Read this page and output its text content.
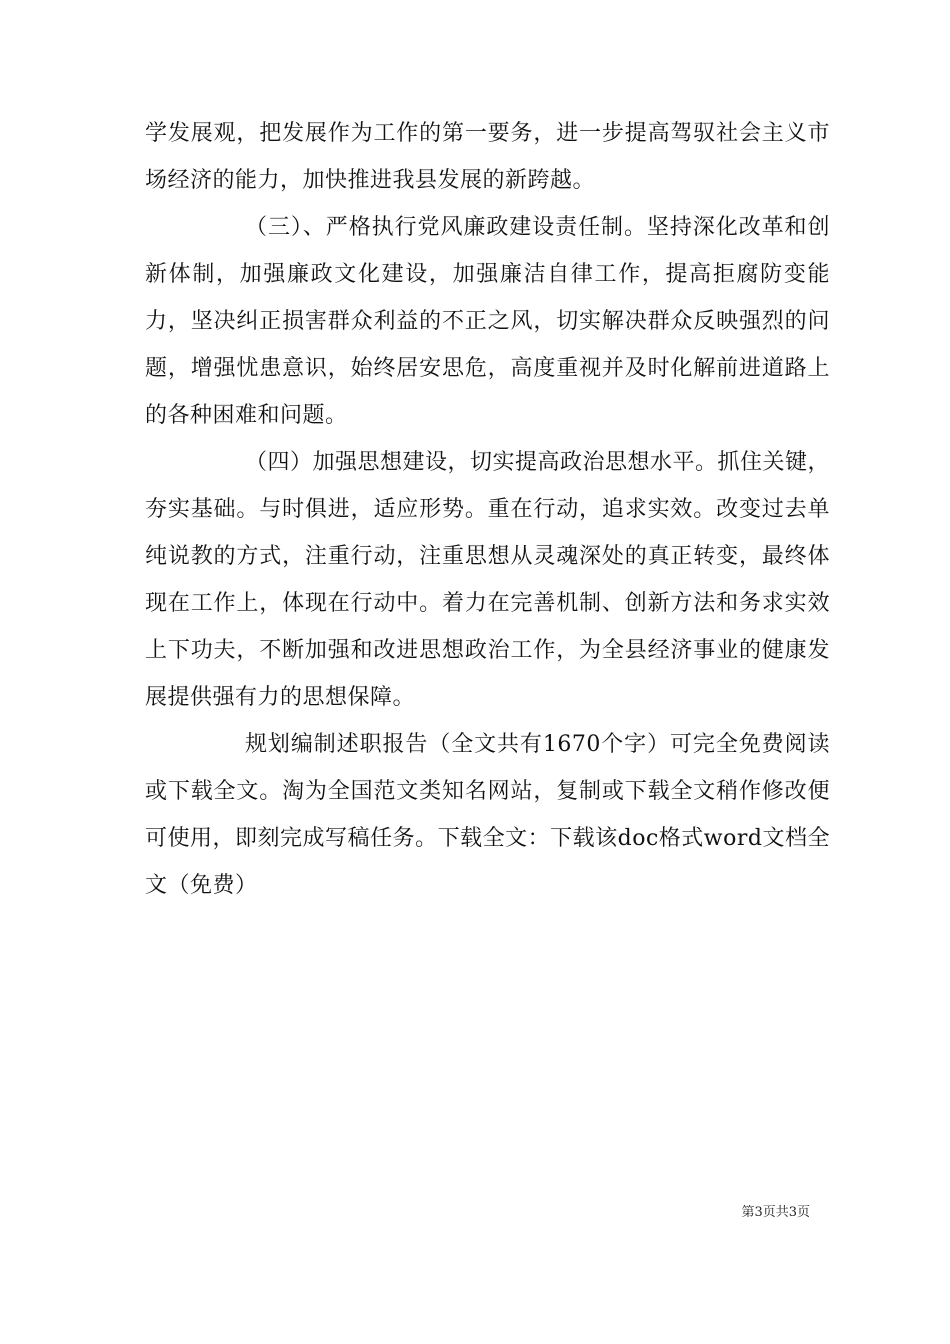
学发展观，把发展作为工作的第一要务，进一步提高驾驭社会主义市场经济的能力，加快推进我县发展的新跨越。

（三）、严格执行党风廉政建设责任制。坚持深化改革和创新体制，加强廉政文化建设，加强廉洁自律工作，提高拒腐防变能力，坚决纠正损害群众利益的不正之风，切实解决群众反映强烈的问题，增强忧患意识，始终居安思危，高度重视并及时化解前进道路上的各种困难和问题。

（四）加强思想建设，切实提高政治思想水平。抓住关键，夯实基础。与时俱进，适应形势。重在行动，追求实效。改变过去单纯说教的方式，注重行动，注重思想从灵魂深处的真正转变，最终体现在工作上，体现在行动中。着力在完善机制、创新方法和务求实效上下功夫，不断加强和改进思想政治工作，为全县经济事业的健康发展提供强有力的思想保障。

规划编制述职报告（全文共有1670个字）可完全免费阅读或下载全文。淘为全国范文类知名网站，复制或下载全文稍作修改便可使用，即刻完成写稿任务。下载全文：下载该doc格式word文档全文（免费）

第3页共3页
